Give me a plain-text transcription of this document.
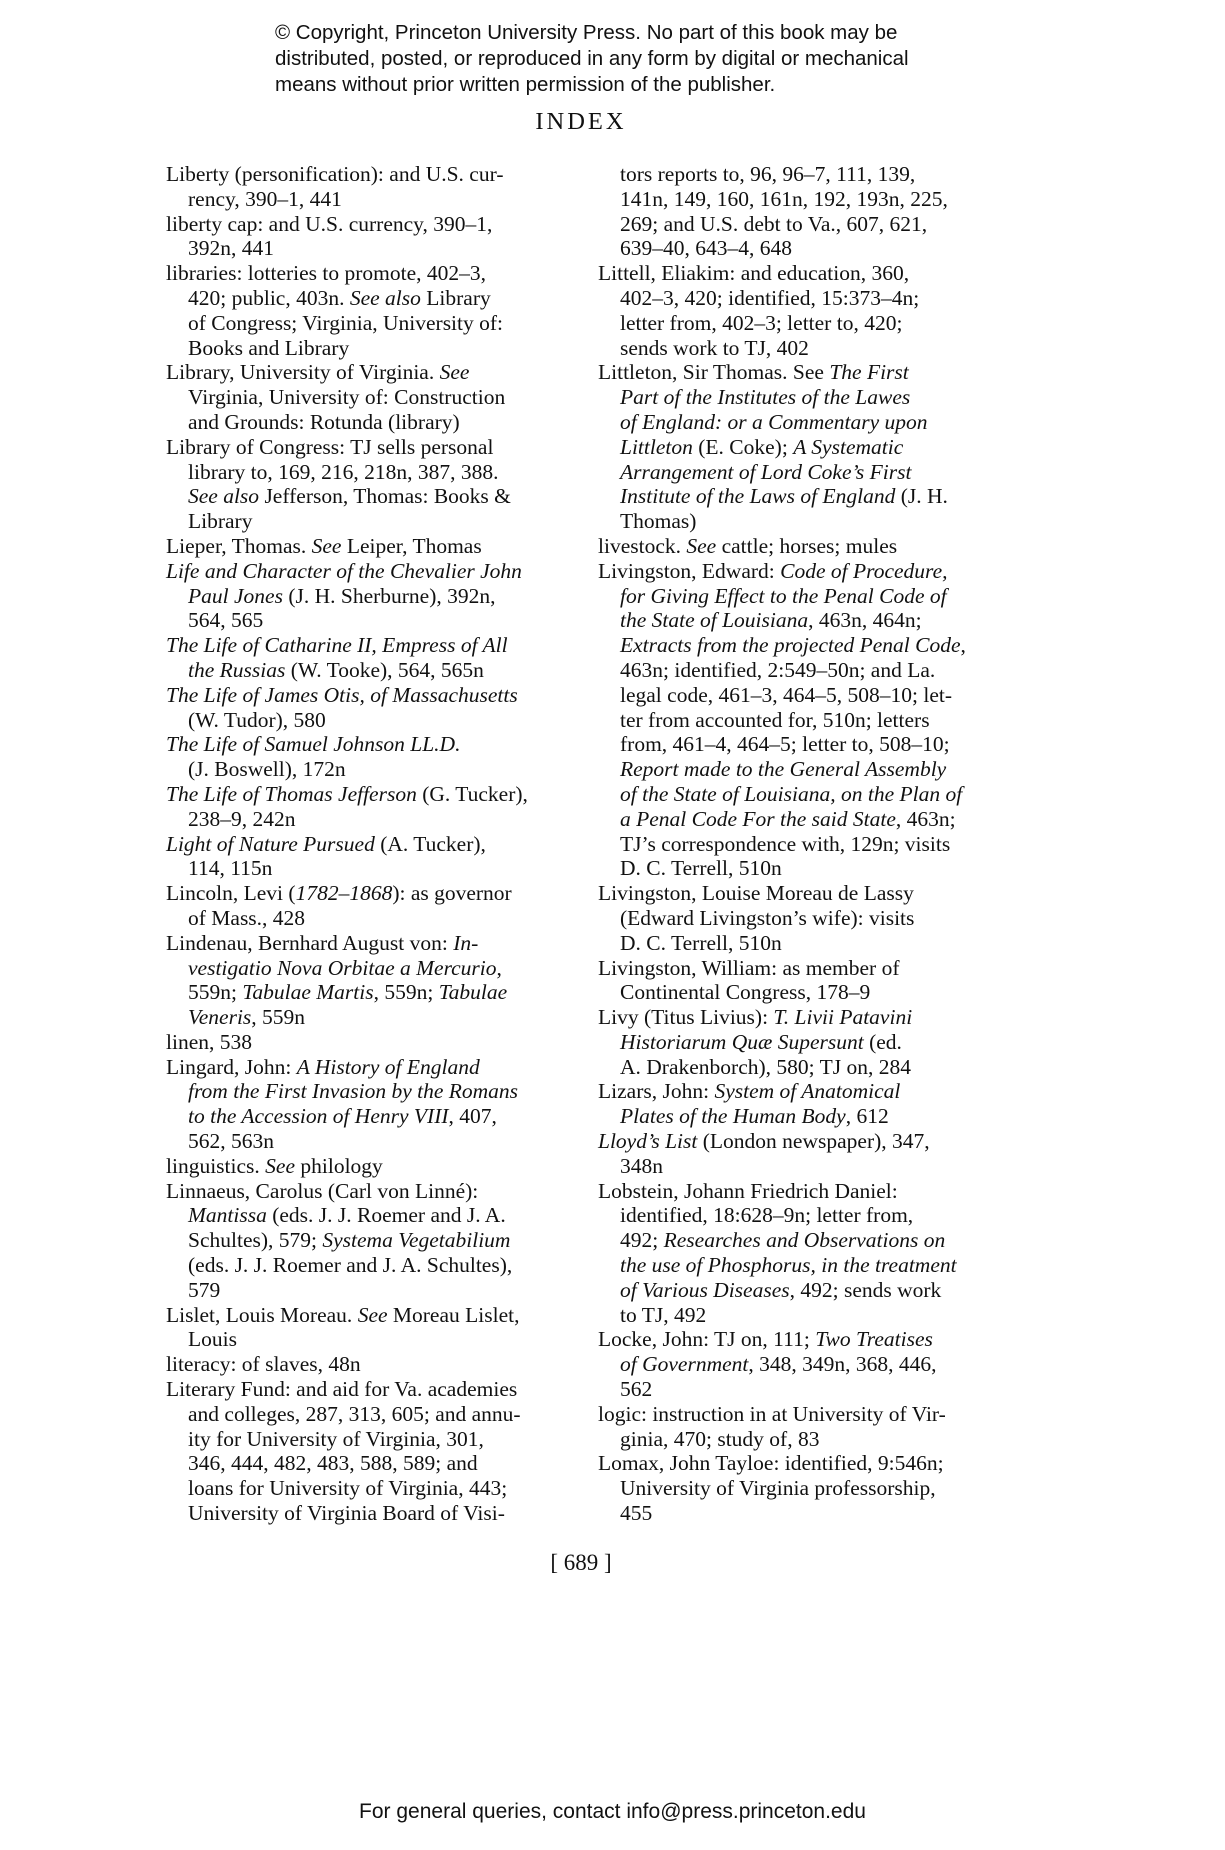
© Copyright, Princeton University Press. No part of this book may be
distributed, posted, or reproduced in any form by digital or mechanical
means without prior written permission of the publisher.
INDEX
Liberty (personification): and U.S. cur-
rency, 390–1, 441
liberty cap: and U.S. currency, 390–1,
392n, 441
libraries: lotteries to promote, 402–3,
420; public, 403n. See also Library
of Congress; Virginia, University of:
Books and Library
Library, University of Virginia. See
Virginia, University of: Construction
and Grounds: Rotunda (library)
Library of Congress: TJ sells personal
library to, 169, 216, 218n, 387, 388.
See also Jefferson, Thomas: Books &
Library
Lieper, Thomas. See Leiper, Thomas
Life and Character of the Chevalier John
Paul Jones (J. H. Sherburne), 392n,
564, 565
The Life of Catharine II, Empress of All
the Russias (W. Tooke), 564, 565n
The Life of James Otis, of Massachusetts
(W. Tudor), 580
The Life of Samuel Johnson LL.D.
(J. Boswell), 172n
The Life of Thomas Jefferson (G. Tucker),
238–9, 242n
Light of Nature Pursued (A. Tucker),
114, 115n
Lincoln, Levi (1782–1868): as governor
of Mass., 428
Lindenau, Bernhard August von: In-
vestigatio Nova Orbitae a Mercurio,
559n; Tabulae Martis, 559n; Tabulae
Veneris, 559n
linen, 538
Lingard, John: A History of England
from the First Invasion by the Romans
to the Accession of Henry VIII, 407,
562, 563n
linguistics. See philology
Linnaeus, Carolus (Carl von Linné):
Mantissa (eds. J. J. Roemer and J. A.
Schultes), 579; Systema Vegetabilium
(eds. J. J. Roemer and J. A. Schultes),
579
Lislet, Louis Moreau. See Moreau Lislet,
Louis
literacy: of slaves, 48n
Literary Fund: and aid for Va. academies
and colleges, 287, 313, 605; and annu-
ity for University of Virginia, 301,
346, 444, 482, 483, 588, 589; and
loans for University of Virginia, 443;
University of Virginia Board of Visi-
tors reports to, 96, 96–7, 111, 139,
141n, 149, 160, 161n, 192, 193n, 225,
269; and U.S. debt to Va., 607, 621,
639–40, 643–4, 648
Littell, Eliakim: and education, 360,
402–3, 420; identified, 15:373–4n;
letter from, 402–3; letter to, 420;
sends work to TJ, 402
Littleton, Sir Thomas. See The First
Part of the Institutes of the Lawes
of England: or a Commentary upon
Littleton (E. Coke); A Systematic
Arrangement of Lord Coke’s First
Institute of the Laws of England (J. H.
Thomas)
livestock. See cattle; horses; mules
Livingston, Edward: Code of Procedure,
for Giving Effect to the Penal Code of
the State of Louisiana, 463n, 464n;
Extracts from the projected Penal Code,
463n; identified, 2:549–50n; and La.
legal code, 461–3, 464–5, 508–10; let-
ter from accounted for, 510n; letters
from, 461–4, 464–5; letter to, 508–10;
Report made to the General Assembly
of the State of Louisiana, on the Plan of
a Penal Code For the said State, 463n;
TJ’s correspondence with, 129n; visits
D. C. Terrell, 510n
Livingston, Louise Moreau de Lassy
(Edward Livingston’s wife): visits
D. C. Terrell, 510n
Livingston, William: as member of
Continental Congress, 178–9
Livy (Titus Livius): T. Livii Patavini
Historiarum Quæ Supersunt (ed.
A. Drakenborch), 580; TJ on, 284
Lizars, John: System of Anatomical
Plates of the Human Body, 612
Lloyd’s List (London newspaper), 347,
348n
Lobstein, Johann Friedrich Daniel:
identified, 18:628–9n; letter from,
492; Researches and Observations on
the use of Phosphorus, in the treatment
of Various Diseases, 492; sends work
to TJ, 492
Locke, John: TJ on, 111; Two Treatises
of Government, 348, 349n, 368, 446,
562
logic: instruction in at University of Vir-
ginia, 470; study of, 83
Lomax, John Tayloe: identified, 9:546n;
University of Virginia professorship,
455
[ 689 ]
For general queries, contact info@press.princeton.edu
